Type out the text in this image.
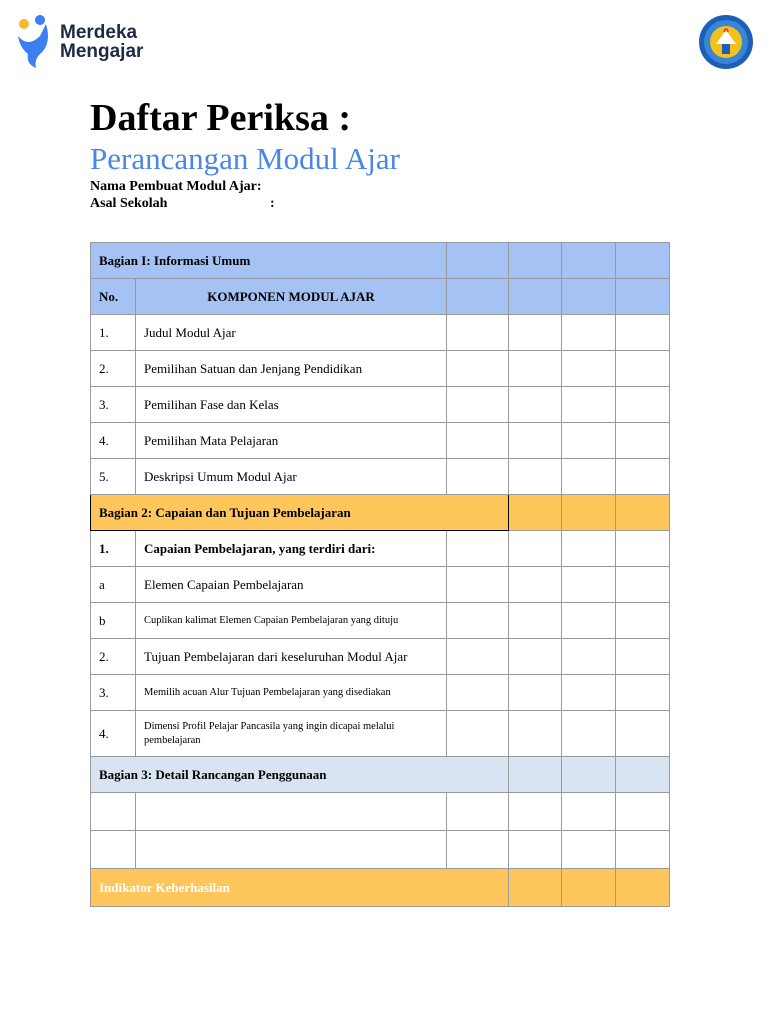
Merdeka
Mengajar
Daftar Periksa :
Perancangan Modul Ajar
Nama Pembuat Modul Ajar:
Asal Sekolah	:
Bagian I: Informasi Umum					
No.	KOMPONEN MODUL AJAR				
1.	Judul Modul Ajar				
2.	Pemilihan Satuan dan Jenjang Pendidikan				
3.	Pemilihan Fase dan Kelas				
4.	Pemilihan Mata Pelajaran				
5.	Deskripsi Umum Modul Ajar				
Bagian 2: Capaian dan Tujuan Pembelajaran					
1.	Capaian Pembelajaran, yang terdiri dari:				
a	Elemen Capaian Pembelajaran				
b	Cuplikan kalimat Elemen Capaian Pembelajaran yang dituju				
2.	Tujuan Pembelajaran dari keseluruhan Modul Ajar				
3.	Memilih acuan Alur Tujuan Pembelajaran yang disediakan				
4.	Dimensi Profil Pelajar Pancasila yang ingin dicapai melalui pembelajaran				
Bagian 3: Detail Rancangan Penggunaan					

Indikator Keberhasilan					
